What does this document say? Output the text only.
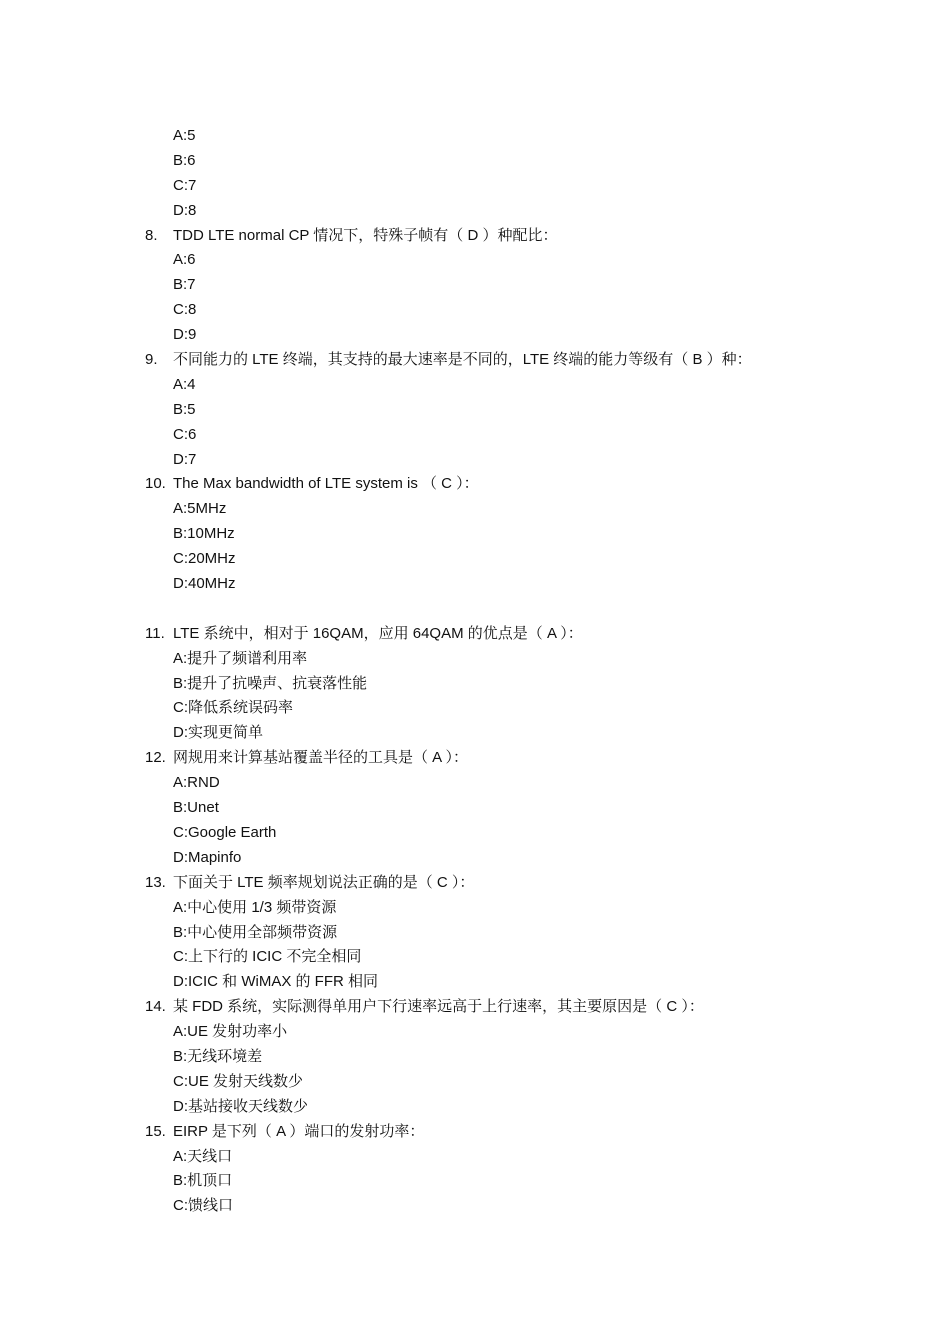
A:5
B:6
C:7
D:8
8. TDD LTE normal CP 情况下，特殊子帧有（ D ）种配比：
A:6
B:7
C:8
D:9
9. 不同能力的 LTE 终端，其支持的最大速率是不同的，LTE 终端的能力等级有（ B ）种：
A:4
B:5
C:6
D:7
10. The Max bandwidth of LTE system is （ C ）：
A:5MHz
B:10MHz
C:20MHz
D:40MHz
11. LTE 系统中，相对于 16QAM，应用 64QAM 的优点是（ A ）：
A:提升了频谱利用率
B:提升了抗噪声、抗衰落性能
C:降低系统误码率
D:实现更简单
12. 网规用来计算基站覆盖半径的工具是（ A ）：
A:RND
B:Unet
C:Google Earth
D:Mapinfo
13. 下面关于 LTE 频率规划说法正确的是（ C ）：
A:中心使用 1/3 频带资源
B:中心使用全部频带资源
C:上下行的 ICIC 不完全相同
D:ICIC 和 WiMAX 的 FFR 相同
14. 某 FDD 系统，实际测得单用户下行速率远高于上行速率，其主要原因是（ C ）：
A:UE 发射功率小
B:无线环境差
C:UE 发射天线数少
D:基站接收天线数少
15. EIRP 是下列（ A ）端口的发射功率：
A:天线口
B:机顶口
C:馈线口
